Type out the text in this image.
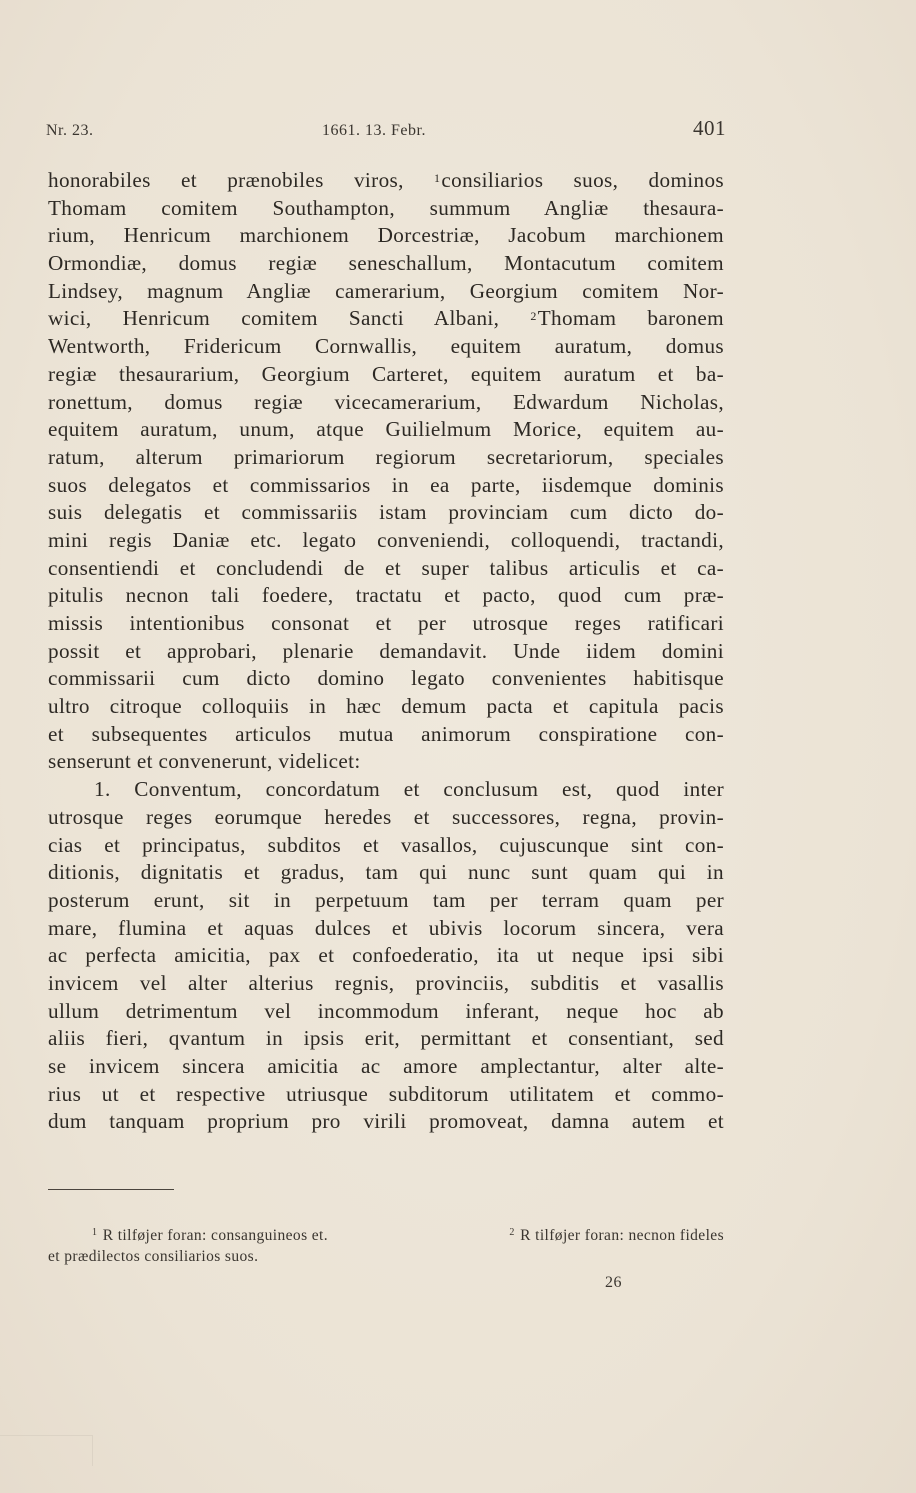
Nr. 23.	1661. 13. Febr.	401
honorabiles et prænobiles viros, $^1$consiliarios suos, dominos
Thomam comitem Southampton, summum Angliæ thesaura-
rium, Henricum marchionem Dorcestriæ, Jacobum marchionem
Ormondiæ, domus regiæ seneschallum, Montacutum comitem
Lindsey, magnum Angliæ camerarium, Georgium comitem Nor-
wici, Henricum comitem Sancti Albani, $^2$Thomam baronem
Wentworth, Fridericum Cornwallis, equitem auratum, domus
regiæ thesaurarium, Georgium Carteret, equitem auratum et ba-
ronettum, domus regiæ vicecamerarium, Edwardum Nicholas,
equitem auratum, unum, atque Guilielmum Morice, equitem au-
ratum, alterum primariorum regiorum secretariorum, speciales
suos delegatos et commissarios in ea parte, iisdemque dominis
suis delegatis et commissariis istam provinciam cum dicto do-
mini regis Daniæ etc. legato conveniendi, colloquendi, tractandi,
consentiendi et concludendi de et super talibus articulis et ca-
pitulis necnon tali foedere, tractatu et pacto, quod cum præ-
missis intentionibus consonat et per utrosque reges ratificari
possit et approbari, plenarie demandavit. Unde iidem domini
commissarii cum dicto domino legato convenientes habitisque
ultro citroque colloquiis in hæc demum pacta et capitula pacis
et subsequentes articulos mutua animorum conspiratione con-
senserunt et convenerunt, videlicet:
1. Conventum, concordatum et conclusum est, quod inter
utrosque reges eorumque heredes et successores, regna, provin-
cias et principatus, subditos et vasallos, cujuscunque sint con-
ditionis, dignitatis et gradus, tam qui nunc sunt quam qui in
posterum erunt, sit in perpetuum tam per terram quam per
mare, flumina et aquas dulces et ubivis locorum sincera, vera
ac perfecta amicitia, pax et confoederatio, ita ut neque ipsi sibi
invicem vel alter alterius regnis, provinciis, subditis et vasallis
ullum detrimentum vel incommodum inferant, neque hoc ab
aliis fieri, qvantum in ipsis erit, permittant et consentiant, sed
se invicem sincera amicitia ac amore amplectantur, alter alte-
rius ut et respective utriusque subditorum utilitatem et commo-
dum tanquam proprium pro virili promoveat, damna autem et
$^1$ R tilføjer foran: consanguineos et.	$^2$ R tilføjer foran: necnon fideles
et prædilectos consiliarios suos.
26
